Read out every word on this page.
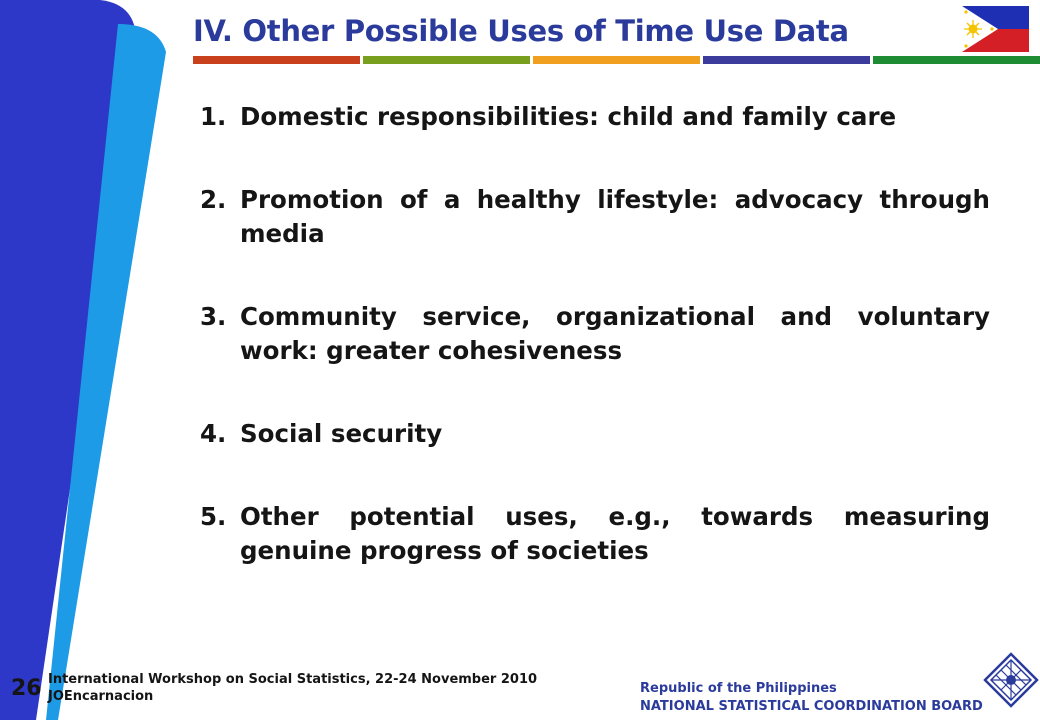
IV. Other Possible Uses of Time Use Data
1. Domestic responsibilities: child and family care
2. Promotion of a healthy lifestyle: advocacy through media
3. Community service, organizational and voluntary work: greater cohesiveness
4. Social security
5. Other potential uses, e.g., towards measuring genuine progress of societies
26 International Workshop on Social Statistics, 22-24 November 2010
JOEncarnacion
Republic of the Philippines
NATIONAL STATISTICAL COORDINATION BOARD
